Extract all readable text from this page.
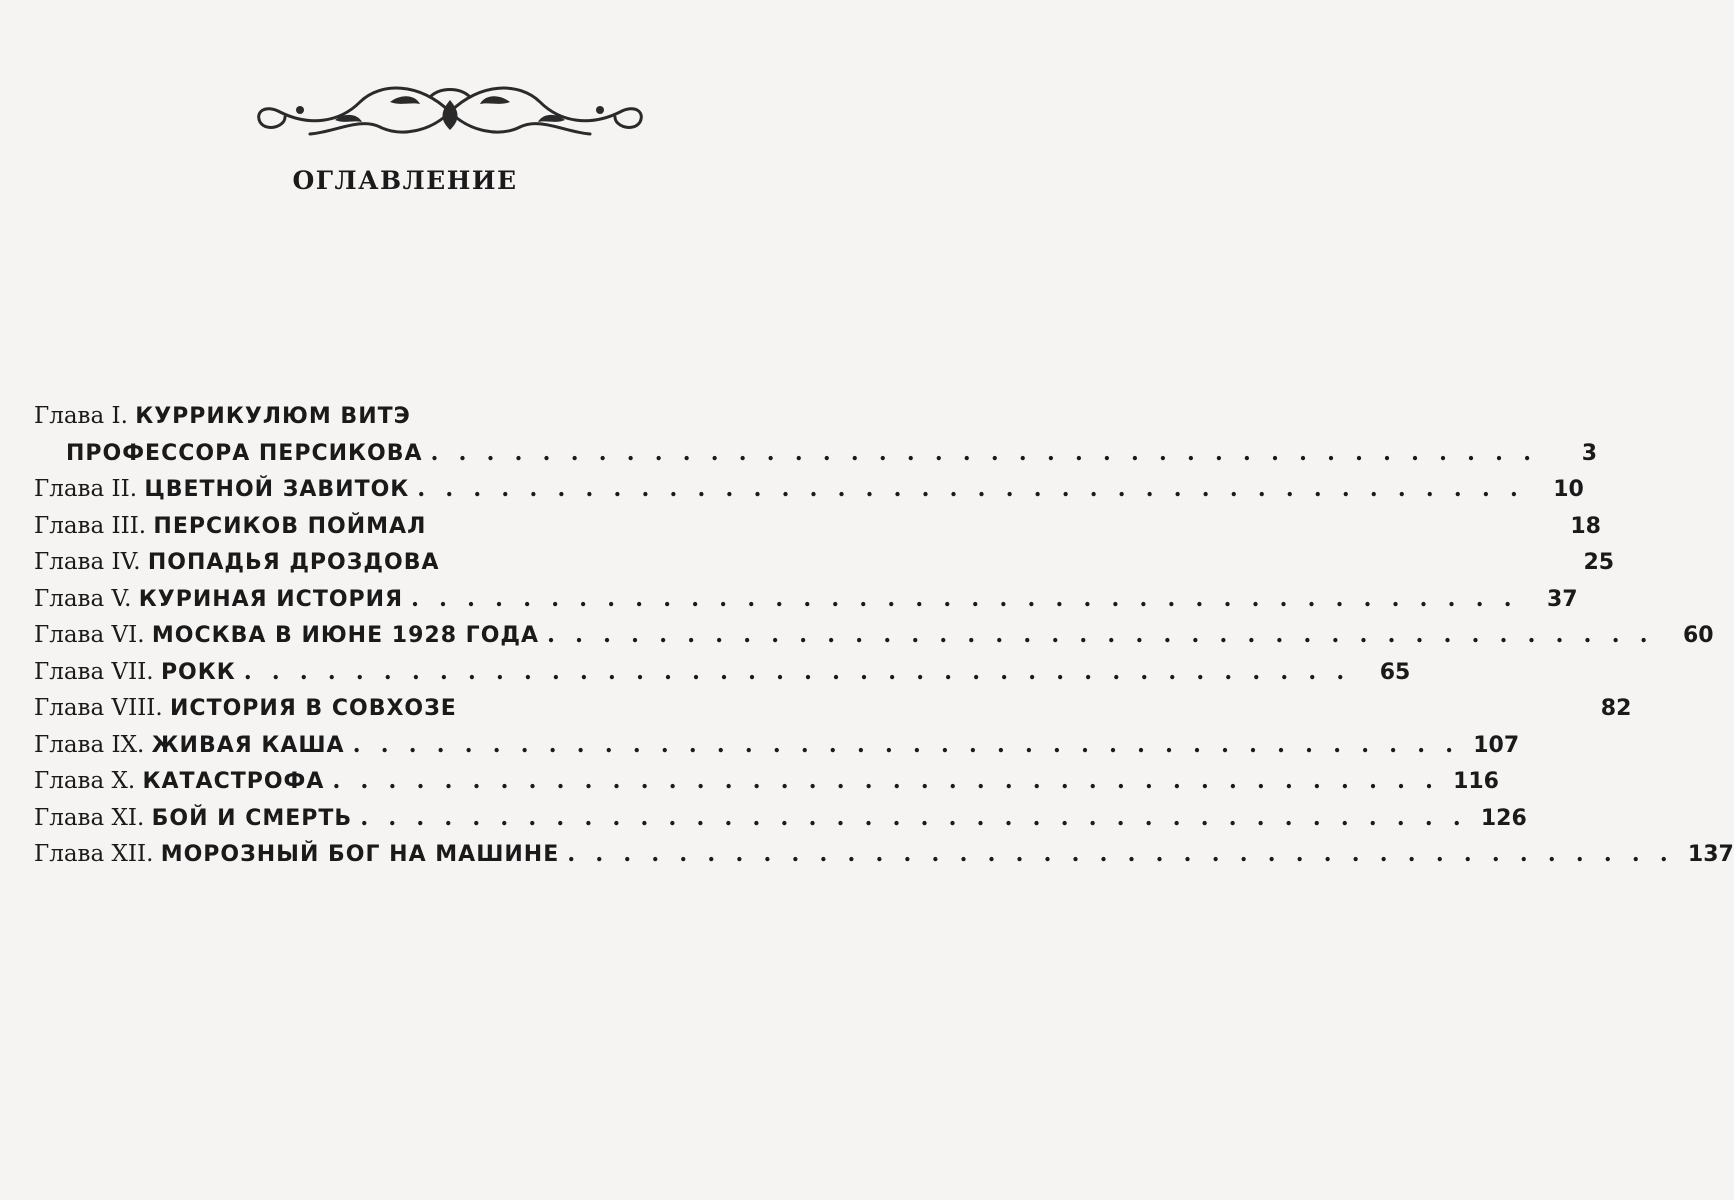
ОГЛАВЛЕНИЕ
Глава I. КУРРИКУЛЮМ ВИТЭ
ПРОФЕССОРА ПЕРСИКОВА . . . . . . . . . . . . . . . . . . . . . . . . . . . . . . . . . . . . . . . .	3
Глава II. ЦВЕТНОЙ ЗАВИТОК . . . . . . . . . . . . . . . . . . . . . . . . . . . . . . . . . . . . . . . .	10
Глава III. ПЕРСИКОВ ПОЙМАЛ	18
Глава IV. ПОПАДЬЯ ДРОЗДОВА	25
Глава V. КУРИНАЯ ИСТОРИЯ . . . . . . . . . . . . . . . . . . . . . . . . . . . . . . . . . . . . . . . .	37
Глава VI. МОСКВА В ИЮНЕ 1928 ГОДА . . . . . . . . . . . . . . . . . . . . . . . . . . . . . . . . . . . . . . . .	60
Глава VII. РОКК . . . . . . . . . . . . . . . . . . . . . . . . . . . . . . . . . . . . . . . .	65
Глава VIII. ИСТОРИЯ В СОВХОЗЕ	82
Глава IX. ЖИВАЯ КАША . . . . . . . . . . . . . . . . . . . . . . . . . . . . . . . . . . . . . . . . 107
Глава X. КАТАСТРОФА . . . . . . . . . . . . . . . . . . . . . . . . . . . . . . . . . . . . . . . . 116
Глава XI. БОЙ И СМЕРТЬ . . . . . . . . . . . . . . . . . . . . . . . . . . . . . . . . . . . . . . . . 126
Глава XII. МОРОЗНЫЙ БОГ НА МАШИНЕ . . . . . . . . . . . . . . . . . . . . . . . . . . . . . . . . . . . . . . . . 137
